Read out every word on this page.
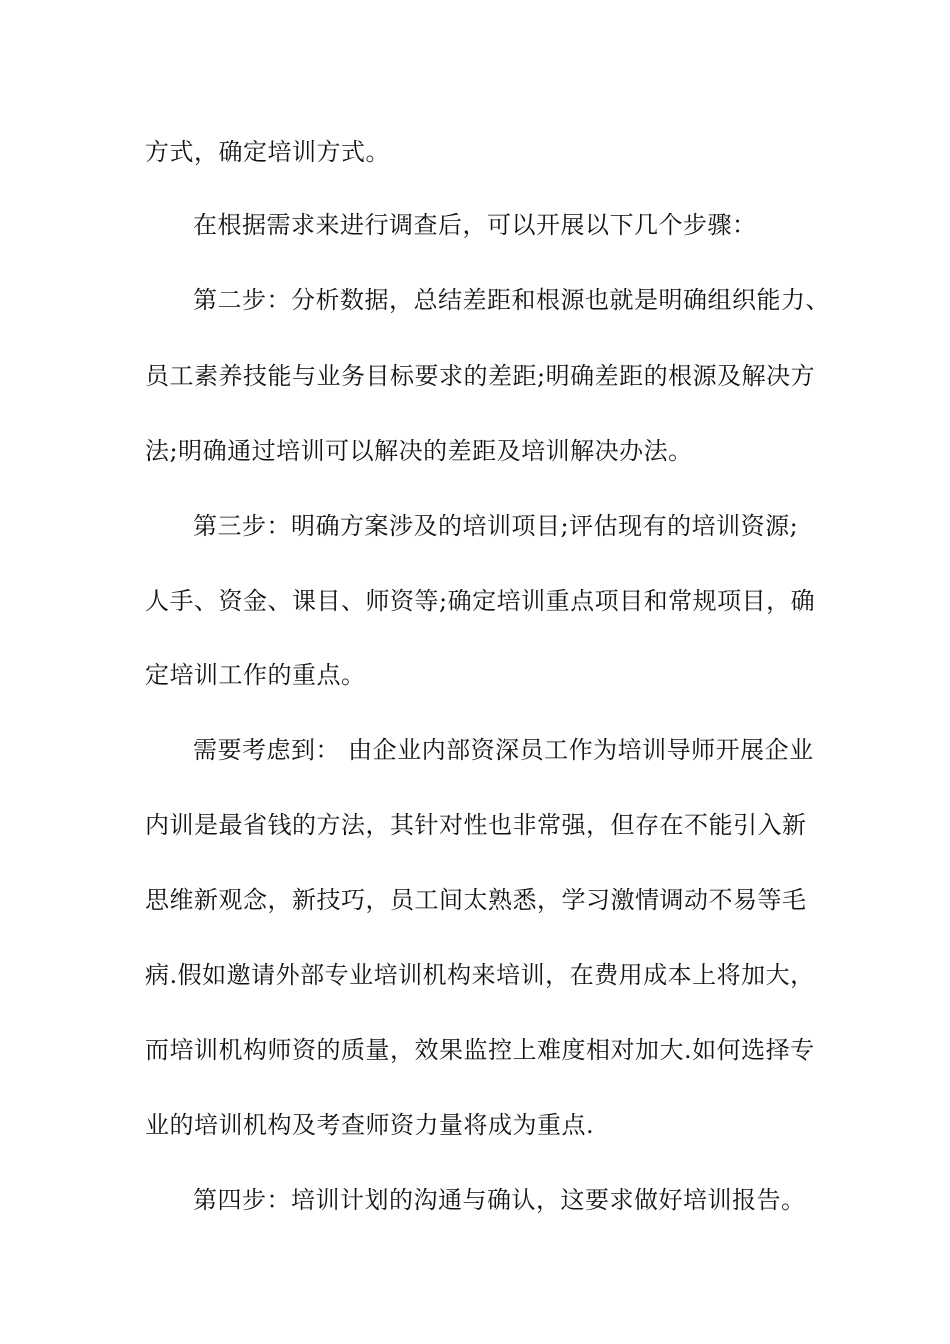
方式，确定培训方式。
在根据需求来进行调查后，可以开展以下几个步骤：
第二步：分析数据，总结差距和根源也就是明确组织能力、
员工素养技能与业务目标要求的差距;明确差距的根源及解决方
法;明确通过培训可以解决的差距及培训解决办法。
第三步：明确方案涉及的培训项目;评估现有的培训资源;
人手、资金、课目、师资等;确定培训重点项目和常规项目，确
定培训工作的重点。
需要考虑到： 由企业内部资深员工作为培训导师开展企业
内训是最省钱的方法，其针对性也非常强，但存在不能引入新
思维新观念，新技巧，员工间太熟悉，学习激情调动不易等毛
病.假如邀请外部专业培训机构来培训，在费用成本上将加大，
而培训机构师资的质量，效果监控上难度相对加大.如何选择专
业的培训机构及考查师资力量将成为重点.
第四步：培训计划的沟通与确认，这要求做好培训报告。
